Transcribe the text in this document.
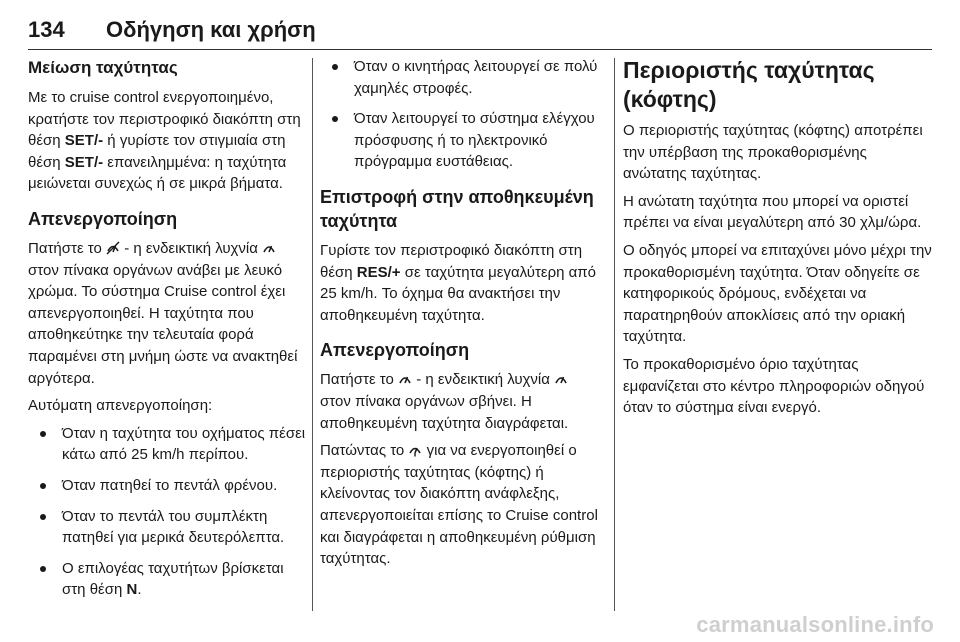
134	Οδήγηση και χρήση
Μείωση ταχύτητας

Με το cruise control ενεργοποιημένο, κρατήστε τον περιστροφικό διακόπτη στη θέση SET/- ή γυρίστε τον στιγμιαία στη θέση SET/- επανειλημμένα: η ταχύτητα μειώνεται συνεχώς ή σε μικρά βήματα.

Απενεργοποίηση

Πατήστε το  - η ενδεικτική λυχνία  στον πίνακα οργάνων ανάβει με λευκό χρώμα. Το σύστημα Cruise control έχει απενεργοποιηθεί. Η ταχύτητα που αποθηκεύτηκε την τελευταία φορά παραμένει στη μνήμη ώστε να ανακτηθεί αργότερα.

Αυτόματη απενεργοποίηση:

Όταν η ταχύτητα του οχήματος πέσει κάτω από 25 km/h περίπου.
Όταν πατηθεί το πεντάλ φρένου.
Όταν το πεντάλ του συμπλέκτη πατηθεί για μερικά δευτερόλεπτα.
Ο επιλογέας ταχυτήτων βρίσκεται στη θέση N.
Όταν ο κινητήρας λειτουργεί σε πολύ χαμηλές στροφές.
Όταν λειτουργεί το σύστημα ελέγχου πρόσφυσης ή το ηλεκτρονικό πρόγραμμα ευστάθειας.
Επιστροφή στην αποθηκευμένη ταχύτητα

Γυρίστε τον περιστροφικό διακόπτη στη θέση RES/+ σε ταχύτητα μεγαλύτερη από 25 km/h. Το όχημα θα ανακτήσει την αποθηκευμένη ταχύτητα.

Απενεργοποίηση

Πατήστε το  - η ενδεικτική λυχνία  στον πίνακα οργάνων σβήνει. Η αποθηκευμένη ταχύτητα διαγράφεται.

Πατώντας το  για να ενεργοποιηθεί ο περιοριστής ταχύτητας (κόφτης) ή κλείνοντας τον διακόπτη ανάφλεξης, απενεργοποιείται επίσης το Cruise control και διαγράφεται η αποθηκευμένη ρύθμιση ταχύτητας.

Περιοριστής ταχύτητας (κόφτης)

Ο περιοριστής ταχύτητας (κόφτης) αποτρέπει την υπέρβαση της προκαθορισμένης ανώτατης ταχύτητας.

Η ανώτατη ταχύτητα που μπορεί να οριστεί πρέπει να είναι μεγαλύτερη από 30 χλμ/ώρα.

Ο οδηγός μπορεί να επιταχύνει μόνο μέχρι την προκαθορισμένη ταχύτητα. Όταν οδηγείτε σε κατηφορικούς δρόμους, ενδέχεται να παρατηρηθούν αποκλίσεις από την οριακή ταχύτητα.

Το προκαθορισμένο όριο ταχύτητας εμφανίζεται στο κέντρο πληροφοριών οδηγού όταν το σύστημα είναι ενεργό.

carmanualsonline.info
